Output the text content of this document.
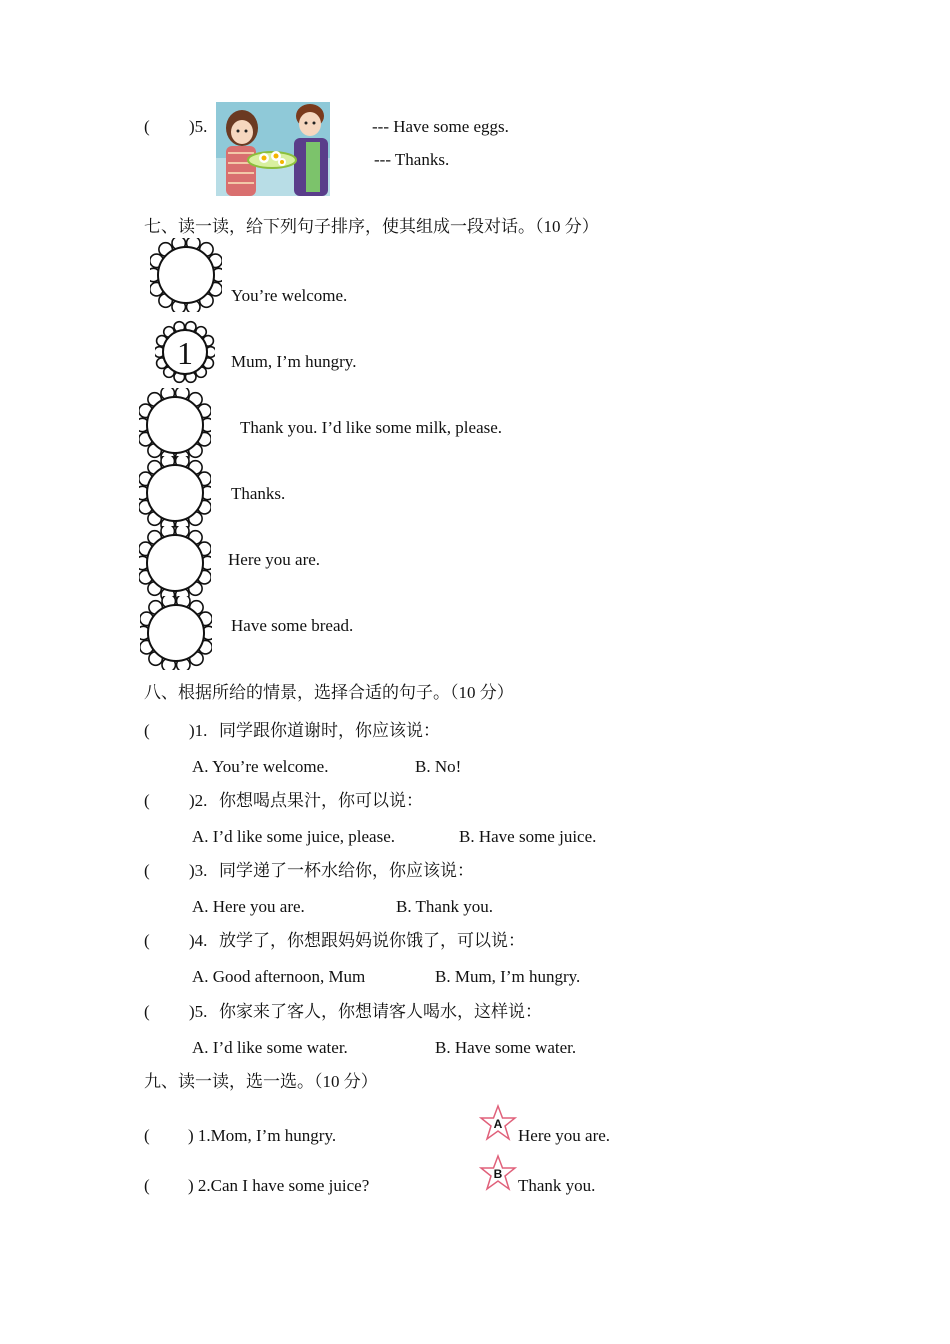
( )5.	--- Have some eggs.
--- Thanks.
七、读一读，给下列句子排序，使其组成一段对话。（10 分）
You’re welcome.
1 Mum, I’m hungry.
Thank you. I’d like some milk, please.
Thanks.
Here you are.
Have some bread.
八、根据所给的情景，选择合适的句子。（10 分）
( )1. 同学跟你道谢时，你应该说：
A. You’re welcome.	B. No!
( )2. 你想喝点果汁，你可以说：
A. I’d like some juice, please.	B. Have some juice.
( )3. 同学递了一杯水给你，你应该说：
A. Here you are.	B. Thank you.
( )4. 放学了，你想跟妈妈说你饿了，可以说：
A. Good afternoon, Mum	B. Mum, I’m hungry.
( )5. 你家来了客人，你想请客人喝水，这样说：
A. I’d like some water.	B. Have some water.
九、读一读，选一选。（10 分）
( ) 1.Mom, I’m hungry.
A
Here you are.
( ) 2.Can I have some juice?
B
Thank you.
